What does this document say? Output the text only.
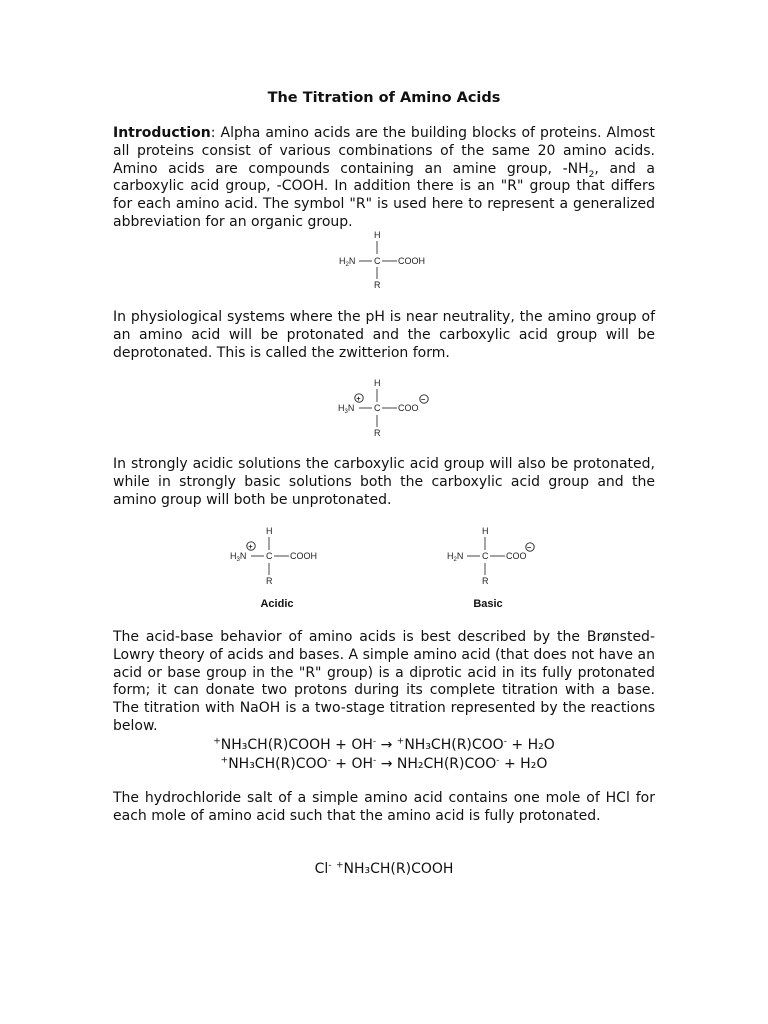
The Titration of Amino Acids
Introduction: Alpha amino acids are the building blocks of proteins. Almost all proteins consist of various combinations of the same 20 amino acids. Amino acids are compounds containing an amine group, $-NH_2$, and a carboxylic acid group, -COOH. In addition there is an "R" group that differs for each amino acid. The symbol "R" is used here to represent a generalized abbreviation for an organic group.
H
$H_2N$ C COOH
R
In physiological systems where the pH is near neutrality, the amino group of an amino acid will be protonated and the carboxylic acid group will be deprotonated. This is called the zwitterion form.
H
+
$H_3N$ C COO
−
R
In strongly acidic solutions the carboxylic acid group will also be protonated, while in strongly basic solutions both the carboxylic acid group and the amino group will both be unprotonated.
H
+
$H_3N$ C COOH
R
Acidic
H
$H_2N$ C COO
−
R
Basic
The acid-base behavior of amino acids is best described by the Brønsted-Lowry theory of acids and bases. A simple amino acid (that does not have an acid or base group in the "R" group) is a diprotic acid in its fully protonated form; it can donate two protons during its complete titration with a base. The titration with NaOH is a two-stage titration represented by the reactions below.
+NH₃CH(R)COOH + OH- → +NH₃CH(R)COO- + H₂O
+NH₃CH(R)COO- + OH- → NH₂CH(R)COO- + H₂O
The hydrochloride salt of a simple amino acid contains one mole of HCl for each mole of amino acid such that the amino acid is fully protonated.
Cl- +NH₃CH(R)COOH
